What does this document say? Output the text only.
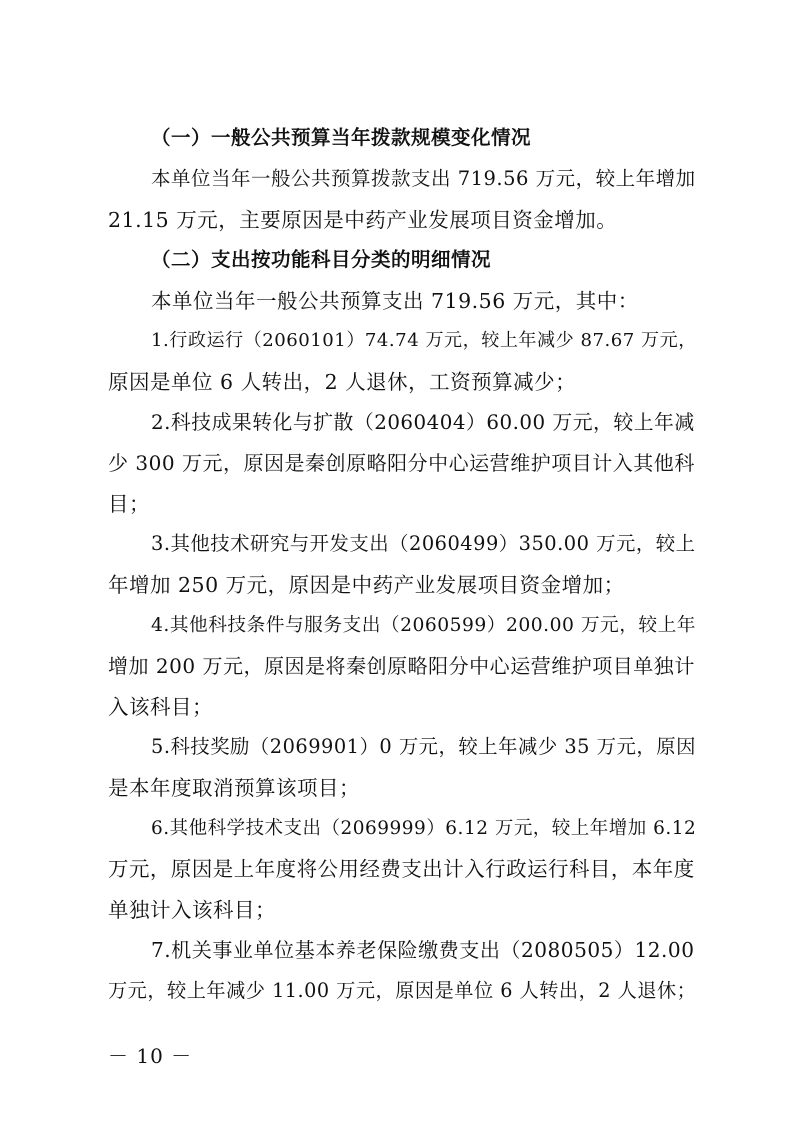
（一）一般公共预算当年拨款规模变化情况
本单位当年一般公共预算拨款支出 719.56 万元，较上年增加
21.15 万元，主要原因是中药产业发展项目资金增加。
（二）支出按功能科目分类的明细情况
本单位当年一般公共预算支出 719.56 万元，其中：
1.行政运行（2060101）74.74 万元，较上年减少 87.67 万元，
原因是单位 6 人转出，2 人退休，工资预算减少；
2.科技成果转化与扩散（2060404）60.00 万元，较上年减
少 300 万元，原因是秦创原略阳分中心运营维护项目计入其他科
目；
3.其他技术研究与开发支出（2060499）350.00 万元，较上
年增加 250 万元，原因是中药产业发展项目资金增加；
4.其他科技条件与服务支出（2060599）200.00 万元，较上年
增加 200 万元，原因是将秦创原略阳分中心运营维护项目单独计
入该科目；
5.科技奖励（2069901）0 万元，较上年减少 35 万元，原因
是本年度取消预算该项目；
6.其他科学技术支出（2069999）6.12 万元，较上年增加 6.12
万元，原因是上年度将公用经费支出计入行政运行科目，本年度
单独计入该科目；
7.机关事业单位基本养老保险缴费支出（2080505）12.00
万元，较上年减少 11.00 万元，原因是单位 6 人转出，2 人退休；
－ 10 －
